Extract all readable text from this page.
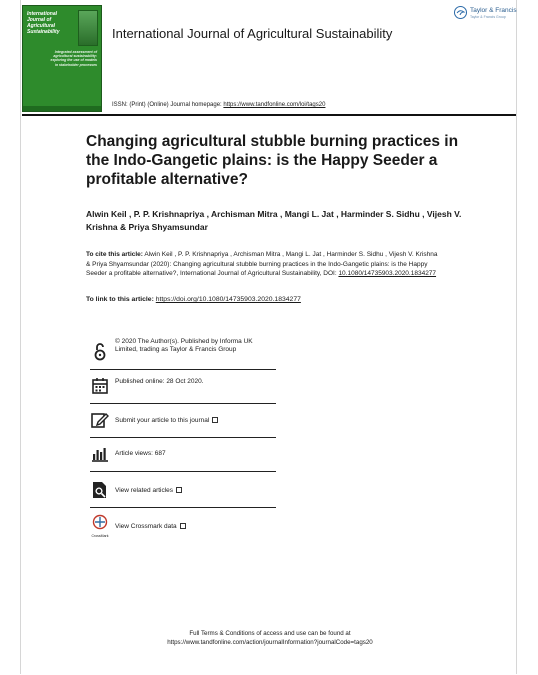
International Journal of Agricultural Sustainability
Integrated assessment of agricultural sustainability: exploring the use of models in stakeholder processes
International Journal of Agricultural Sustainability
Taylor & Francis
Taylor & Francis Group
ISSN: (Print) (Online) Journal homepage: https://www.tandfonline.com/loi/tags20
Changing agricultural stubble burning practices in the Indo-Gangetic plains: is the Happy Seeder a profitable alternative?
Alwin Keil , P. P. Krishnapriya , Archisman Mitra , Mangi L. Jat , Harminder S. Sidhu , Vijesh V. Krishna & Priya Shyamsundar
To cite this article: Alwin Keil , P. P. Krishnapriya , Archisman Mitra , Mangi L. Jat , Harminder S. Sidhu , Vijesh V. Krishna & Priya Shyamsundar (2020): Changing agricultural stubble burning practices in the Indo-Gangetic plains: is the Happy Seeder a profitable alternative?, International Journal of Agricultural Sustainability, DOI: 10.1080/14735903.2020.1834277
To link to this article: https://doi.org/10.1080/14735903.2020.1834277
© 2020 The Author(s). Published by Informa UK Limited, trading as Taylor & Francis Group
Published online: 28 Oct 2020.
Submit your article to this journal
Article views: 687
View related articles
CrossMark
View Crossmark data
Full Terms & Conditions of access and use can be found at
https://www.tandfonline.com/action/journalInformation?journalCode=tags20
